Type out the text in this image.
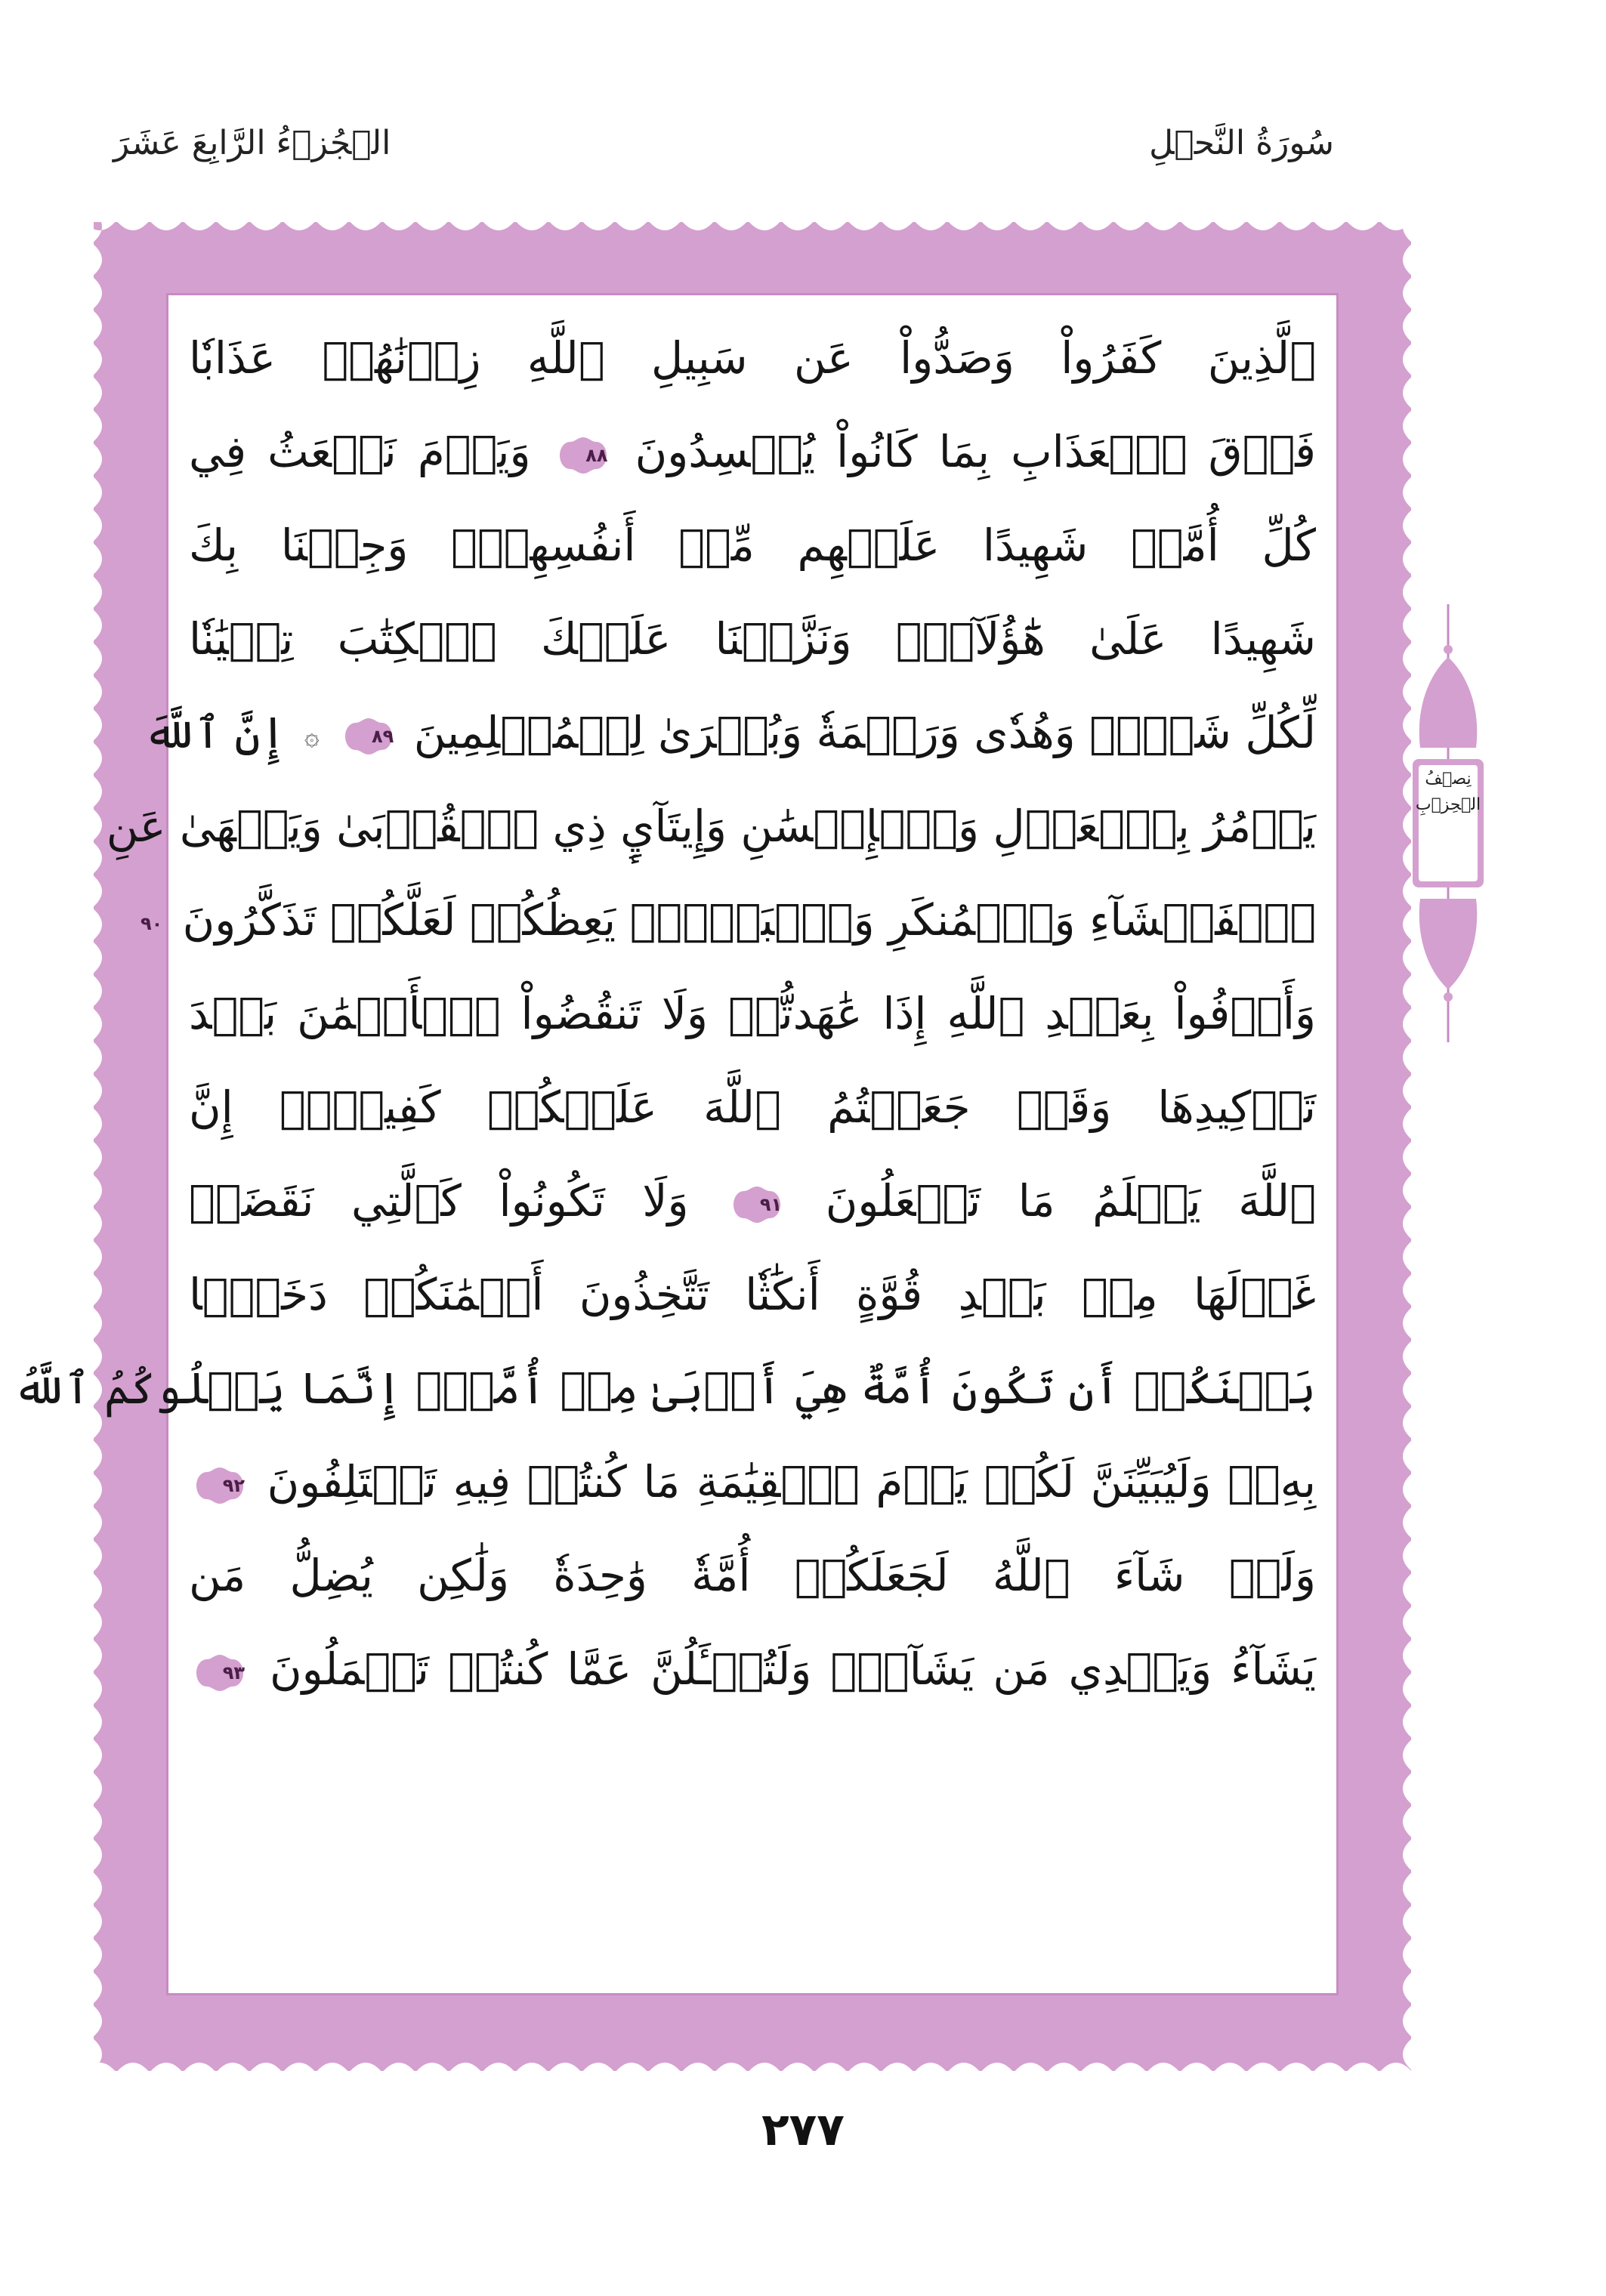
سُورَةُ النَّحۡلِ
الۡجُزۡءُ الرَّابِعَ عَشَرَ
ٱلَّذِينَ كَفَرُواْ وَصَدُّواْ عَن سَبِيلِ ٱللَّهِ زِدۡنَٰهُمۡ عَذَابٗا
فَوۡقَ ٱلۡعَذَابِ بِمَا كَانُواْ يُفۡسِدُونَ
٨٨
وَيَوۡمَ نَبۡعَثُ فِي
كُلِّ أُمَّةٖ شَهِيدًا عَلَيۡهِم مِّنۡ أَنفُسِهِمۡۖ وَجِئۡنَا بِكَ
شَهِيدًا عَلَىٰ هَٰٓؤُلَآءِۚ وَنَزَّلۡنَا عَلَيۡكَ ٱلۡكِتَٰبَ تِبۡيَٰنٗا
لِّكُلِّ شَيۡءٖ وَهُدٗى وَرَحۡمَةٗ وَبُشۡرَىٰ لِلۡمُسۡلِمِينَ
٨٩
۞ إِنَّ ٱللَّهَ
يَأۡمُرُ بِٱلۡعَدۡلِ وَٱلۡإِحۡسَٰنِ وَإِيتَآيِٕ ذِي ٱلۡقُرۡبَىٰ وَيَنۡهَىٰ عَنِ
ٱلۡفَحۡشَآءِ وَٱلۡمُنكَرِ وَٱلۡبَغۡيِۚ يَعِظُكُمۡ لَعَلَّكُمۡ تَذَكَّرُونَ
٩٠
وَأَوۡفُواْ بِعَهۡدِ ٱللَّهِ إِذَا عَٰهَدتُّمۡ وَلَا تَنقُضُواْ ٱلۡأَيۡمَٰنَ بَعۡدَ
تَوۡكِيدِهَا وَقَدۡ جَعَلۡتُمُ ٱللَّهَ عَلَيۡكُمۡ كَفِيلًاۚ إِنَّ
ٱللَّهَ يَعۡلَمُ مَا تَفۡعَلُونَ
٩١
وَلَا تَكُونُواْ كَٱلَّتِي نَقَضَتۡ
غَزۡلَهَا مِنۢ بَعۡدِ قُوَّةٍ أَنكَٰثٗا تَتَّخِذُونَ أَيۡمَٰنَكُمۡ دَخَلَۢا
بَيۡنَكُمۡ أَن تَكُونَ أُمَّةٌ هِيَ أَرۡبَىٰ مِنۡ أُمَّةٍۚ إِنَّمَا يَبۡلُوكُمُ ٱللَّهُ
بِهِۦۚ وَلَيُبَيِّنَنَّ لَكُمۡ يَوۡمَ ٱلۡقِيَٰمَةِ مَا كُنتُمۡ فِيهِ تَخۡتَلِفُونَ
٩٢
وَلَوۡ شَآءَ ٱللَّهُ لَجَعَلَكُمۡ أُمَّةٗ وَٰحِدَةٗ وَلَٰكِن يُضِلُّ مَن
يَشَآءُ وَيَهۡدِي مَن يَشَآءُۚ وَلَتُسۡـَٔلُنَّ عَمَّا كُنتُمۡ تَعۡمَلُونَ
٩٣
نِصۡفُ
الۡحِزۡبِ
٢٧٧
